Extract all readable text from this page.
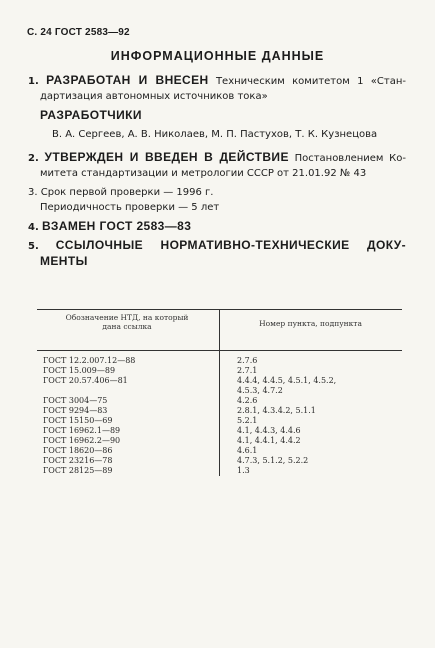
С. 24 ГОСТ 2583—92
ИНФОРМАЦИОННЫЕ ДАННЫЕ
1. РАЗРАБОТАН И ВНЕСЕН Техническим комитетом 1 «Стан-
дартизация автономных источников тока»
РАЗРАБОТЧИКИ
В. А. Сергеев, А. В. Николаев, М. П. Пастухов, Т. К. Кузнецова
2. УТВЕРЖДЕН И ВВЕДЕН В ДЕЙСТВИЕ Постановлением Ко-
митета стандартизации и метрологии СССР от 21.01.92 № 43
3. Срок первой проверки — 1996 г.
Периодичность проверки — 5 лет
4. ВЗАМЕН ГОСТ 2583—83
5. ССЫЛОЧНЫЕ НОРМАТИВНО-ТЕХНИЧЕСКИЕ ДОКУ-
МЕНТЫ
Обозначение НТД, на который
дана ссылка	Номер пункта, подпункта
ГОСТ 12.2.007.12—88	2.7.6
ГОСТ 15.009—89	2.7.1
ГОСТ 20.57.406—81	4.4.4, 4.4.5, 4.5.1, 4.5.2,
4.5.3, 4.7.2
ГОСТ 3004—75	4.2.6
ГОСТ 9294—83	2.8.1, 4.3.4.2, 5.1.1
ГОСТ 15150—69	5.2.1
ГОСТ 16962.1—89	4.1, 4.4.3, 4.4.6
ГОСТ 16962.2—90	4.1, 4.4.1, 4.4.2
ГОСТ 18620—86	4.6.1
ГОСТ 23216—78	4.7.3, 5.1.2, 5.2.2
ГОСТ 28125—89	1.3
